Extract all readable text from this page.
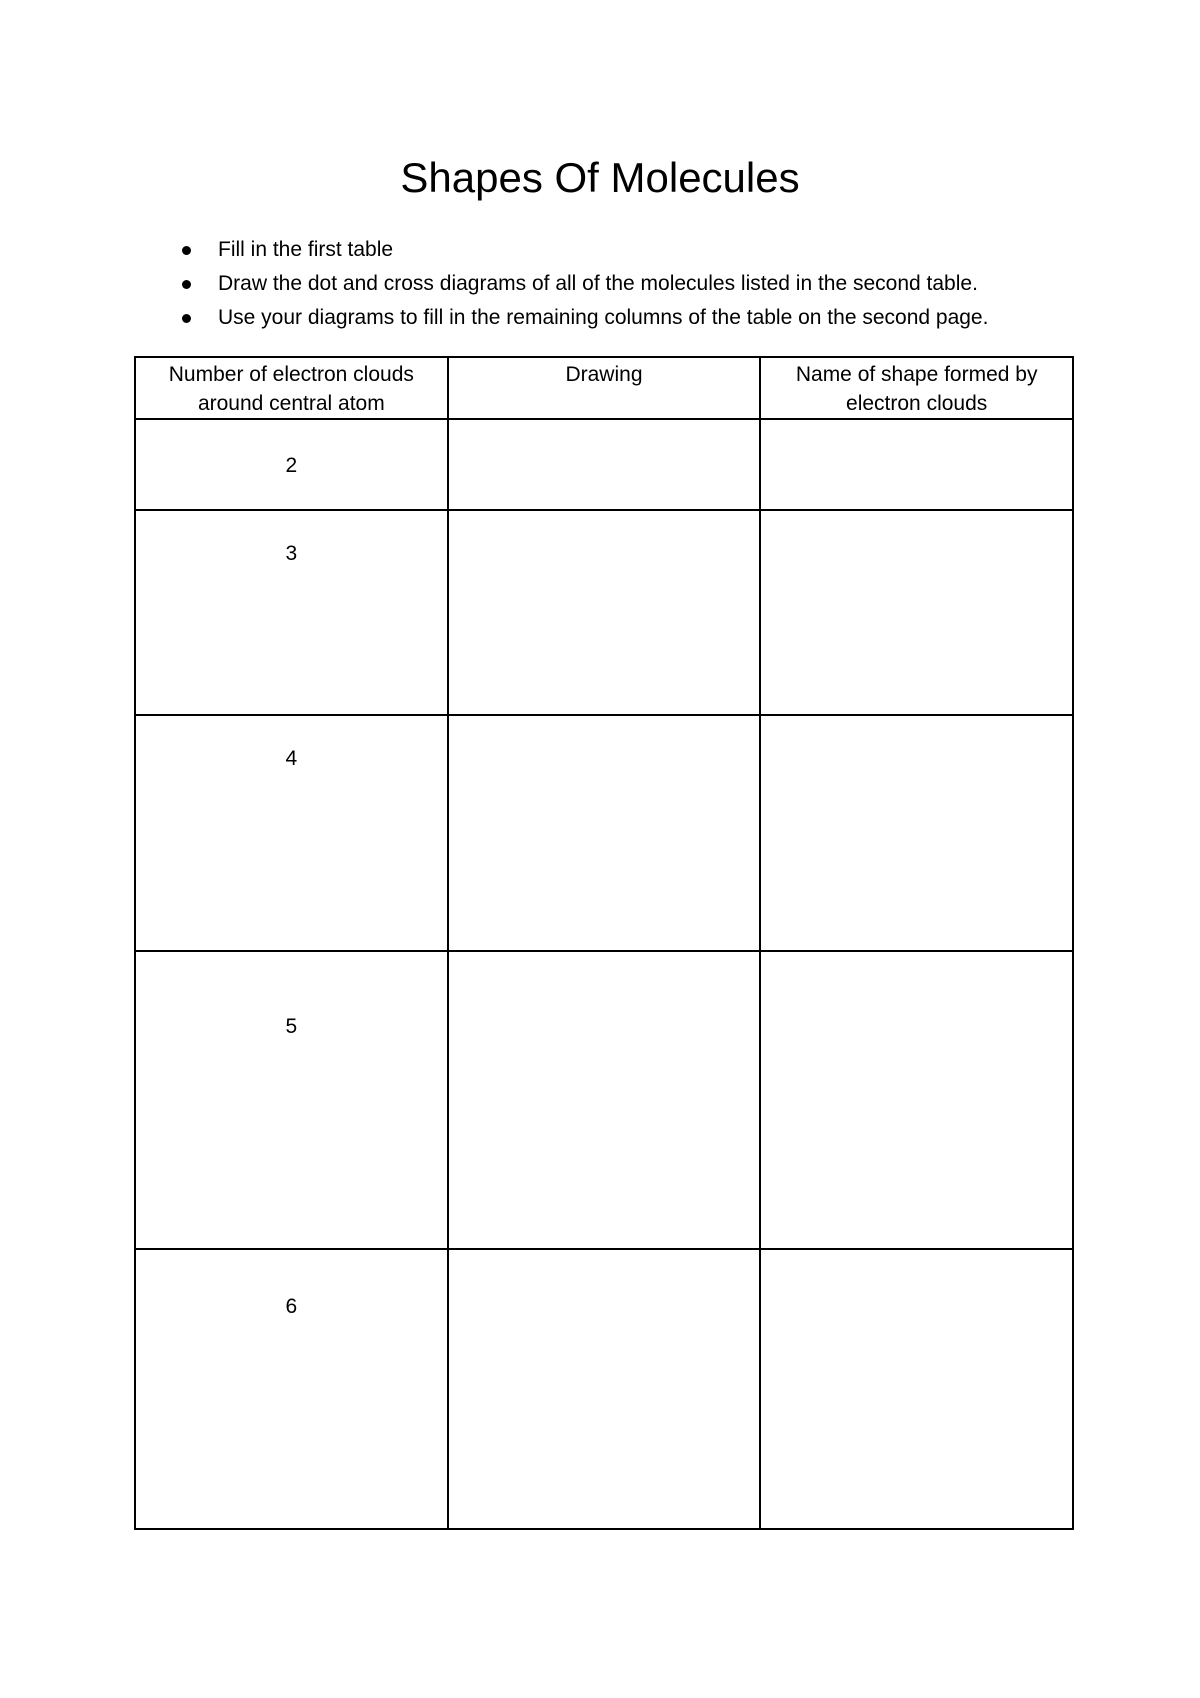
Shapes Of Molecules
Fill in the first table
Draw the dot and cross diagrams of all of the molecules listed in the second table.
Use your diagrams to fill in the remaining columns of the table on the second page.
Number of electron clouds around central atom	Drawing	Name of shape formed by electron clouds
2		
3		
4		
5		
6		
